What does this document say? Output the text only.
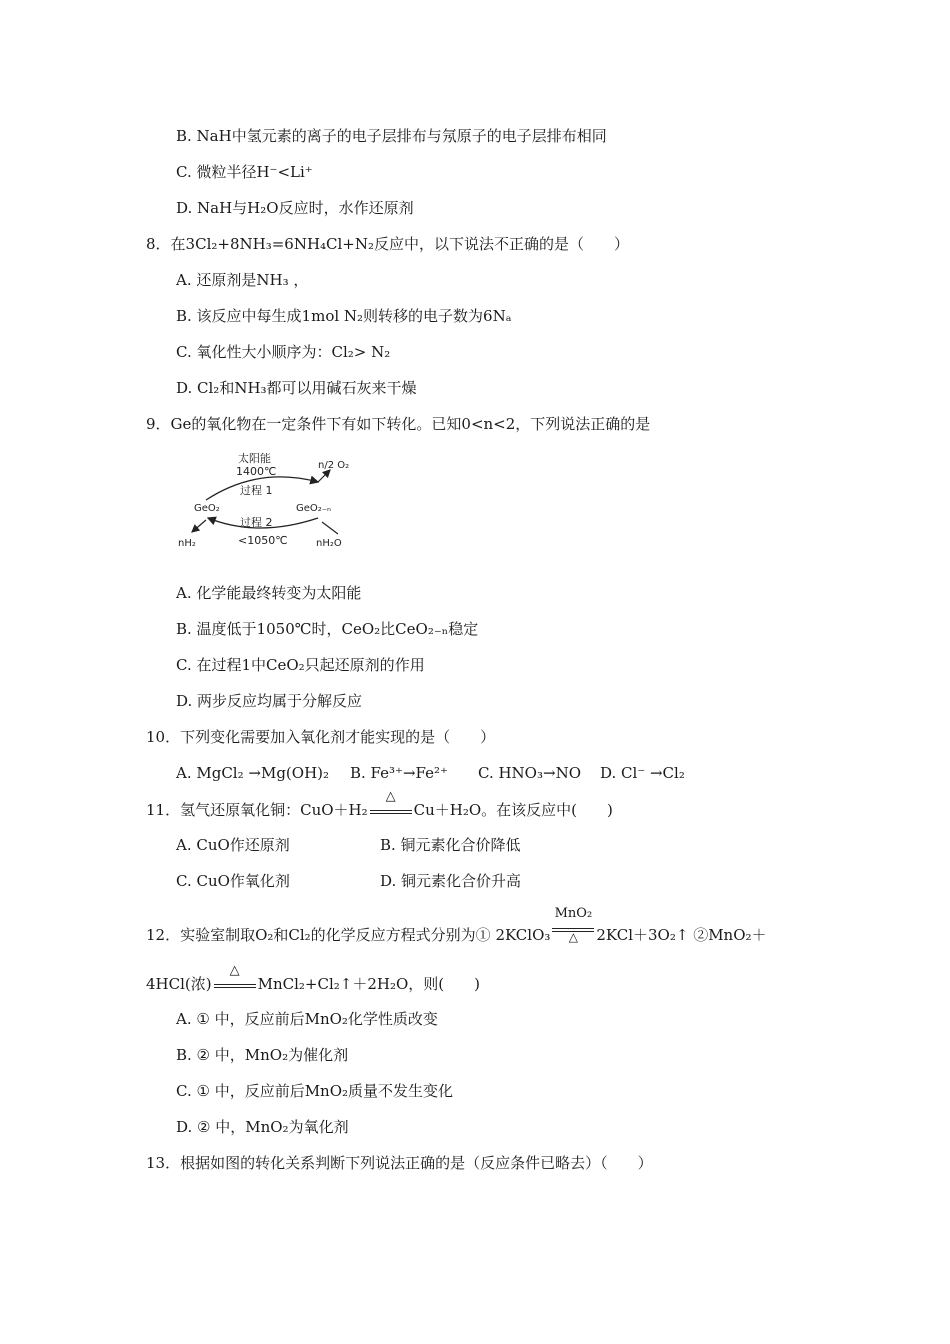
B. NaH中氢元素的离子的电子层排布与氖原子的电子层排布相同
C. 微粒半径H⁻<Li⁺
D. NaH与H₂O反应时，水作还原剂
8．在3Cl₂+8NH₃=6NH₄Cl+N₂反应中，以下说法不正确的是（　　）
A. 还原剂是NH₃ ，
B. 该反应中每生成1mol N₂则转移的电子数为6Nₐ
C. 氧化性大小顺序为：Cl₂> N₂
D. Cl₂和NH₃都可以用碱石灰来干燥
9．Ge的氧化物在一定条件下有如下转化。已知0<n<2，下列说法正确的是
太阳能
1400℃
过程 1
过程 2
<1050℃
GeO₂	GeO₂₋ₙ
n/2 O₂
nH₂	nH₂O
A. 化学能最终转变为太阳能
B. 温度低于1050℃时，CeO₂比CeO₂₋ₙ稳定
C. 在过程1中CeO₂只起还原剂的作用
D. 两步反应均属于分解反应
10．下列变化需要加入氧化剂才能实现的是（　　）
A. MgCl₂ →Mg(OH)₂ B. Fe³⁺→Fe²⁺ C. HNO₃→NO D. Cl⁻ →Cl₂
11．氢气还原氧化铜：CuO＋H₂
△
Cu＋H₂O。在该反应中(　　)
A. CuO作还原剂	B. 铜元素化合价降低
C. CuO作氧化剂	D. 铜元素化合价升高
12．实验室制取O₂和Cl₂的化学反应方程式分别为① 2KClO₃
MnO₂
△	2KCl＋3O₂↑ ②MnO₂＋
4HCl(浓)
△
MnCl₂+Cl₂↑＋2H₂O，则(　　)
A. ① 中，反应前后MnO₂化学性质改变
B. ② 中，MnO₂为催化剂
C. ① 中，反应前后MnO₂质量不发生变化
D. ② 中，MnO₂为氧化剂
13．根据如图的转化关系判断下列说法正确的是（反应条件已略去）（　　）
